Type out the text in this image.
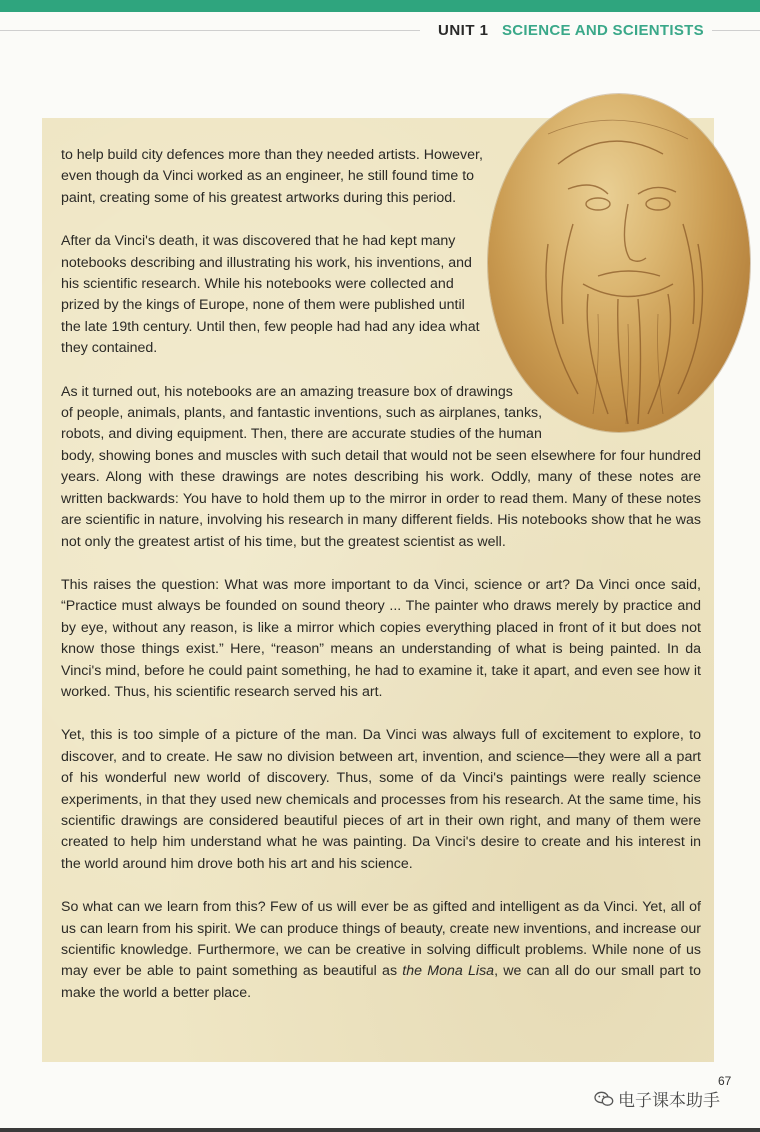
UNIT 1 SCIENCE AND SCIENTISTS

to help build city defences more than they needed artists. However, even though da Vinci worked as an engineer, he still found time to paint, creating some of his greatest artworks during this period.

After da Vinci's death, it was discovered that he had kept many notebooks describing and illustrating his work, his inventions, and his scientific research. While his notebooks were collected and prized by the kings of Europe, none of them were published until the late 19th century. Until then, few people had had any idea what they contained.

As it turned out, his notebooks are an amazing treasure box of drawings
of people, animals, plants, and fantastic inventions, such as airplanes, tanks,
robots, and diving equipment. Then, there are accurate studies of the human
body, showing bones and muscles with such detail that would not be seen elsewhere for four hundred years. Along with these drawings are notes describing his work. Oddly, many of these notes are written backwards: You have to hold them up to the mirror in order to read them. Many of these notes are scientific in nature, involving his research in many different fields. His notebooks show that he was not only the greatest artist of his time, but the greatest scientist as well.

This raises the question: What was more important to da Vinci, science or art? Da Vinci once said, “Practice must always be founded on sound theory ... The painter who draws merely by practice and by eye, without any reason, is like a mirror which copies everything placed in front of it but does not know those things exist.” Here, “reason” means an understanding of what is being painted. In da Vinci's mind, before he could paint something, he had to examine it, take it apart, and even see how it worked. Thus, his scientific research served his art.

Yet, this is too simple of a picture of the man. Da Vinci was always full of excitement to explore, to discover, and to create. He saw no division between art, invention, and science—they were all a part of his wonderful new world of discovery. Thus, some of da Vinci's paintings were really science experiments, in that they used new chemicals and processes from his research. At the same time, his scientific drawings are considered beautiful pieces of art in their own right, and many of them were created to help him understand what he was painting. Da Vinci's desire to create and his interest in the world around him drove both his art and his science.

So what can we learn from this? Few of us will ever be as gifted and intelligent as da Vinci. Yet, all of us can learn from his spirit. We can produce things of beauty, create new inventions, and increase our scientific knowledge. Furthermore, we can be creative in solving difficult problems. While none of us may ever be able to paint something as beautiful as the Mona Lisa, we can all do our small part to make the world a better place.

67
电子课本助手
